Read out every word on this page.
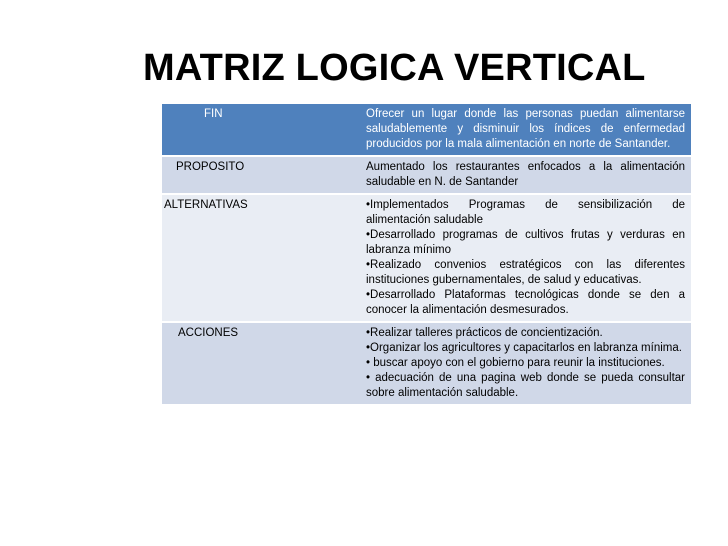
MATRIZ LOGICA VERTICAL
FIN	Ofrecer un lugar donde las personas puedan alimentarse saludablemente y disminuir los índices de enfermedad producidos por la mala alimentación en norte de Santander.

PROPOSITO	Aumentado los restaurantes enfocados a la alimentación saludable en N. de Santander

ALTERNATIVAS	•Implementados Programas de sensibilización de alimentación saludable
•Desarrollado programas de cultivos frutas y verduras en labranza mínimo
•Realizado convenios estratégicos con las diferentes instituciones gubernamentales, de salud y educativas.
•Desarrollado Plataformas tecnológicas donde se den a conocer la alimentación desmesurados.

ACCIONES	•Realizar talleres prácticos de concientización.
•Organizar los agricultores y capacitarlos en labranza mínima.
• buscar apoyo con el gobierno para reunir la instituciones.
• adecuación de una pagina web donde se pueda consultar sobre alimentación saludable.
